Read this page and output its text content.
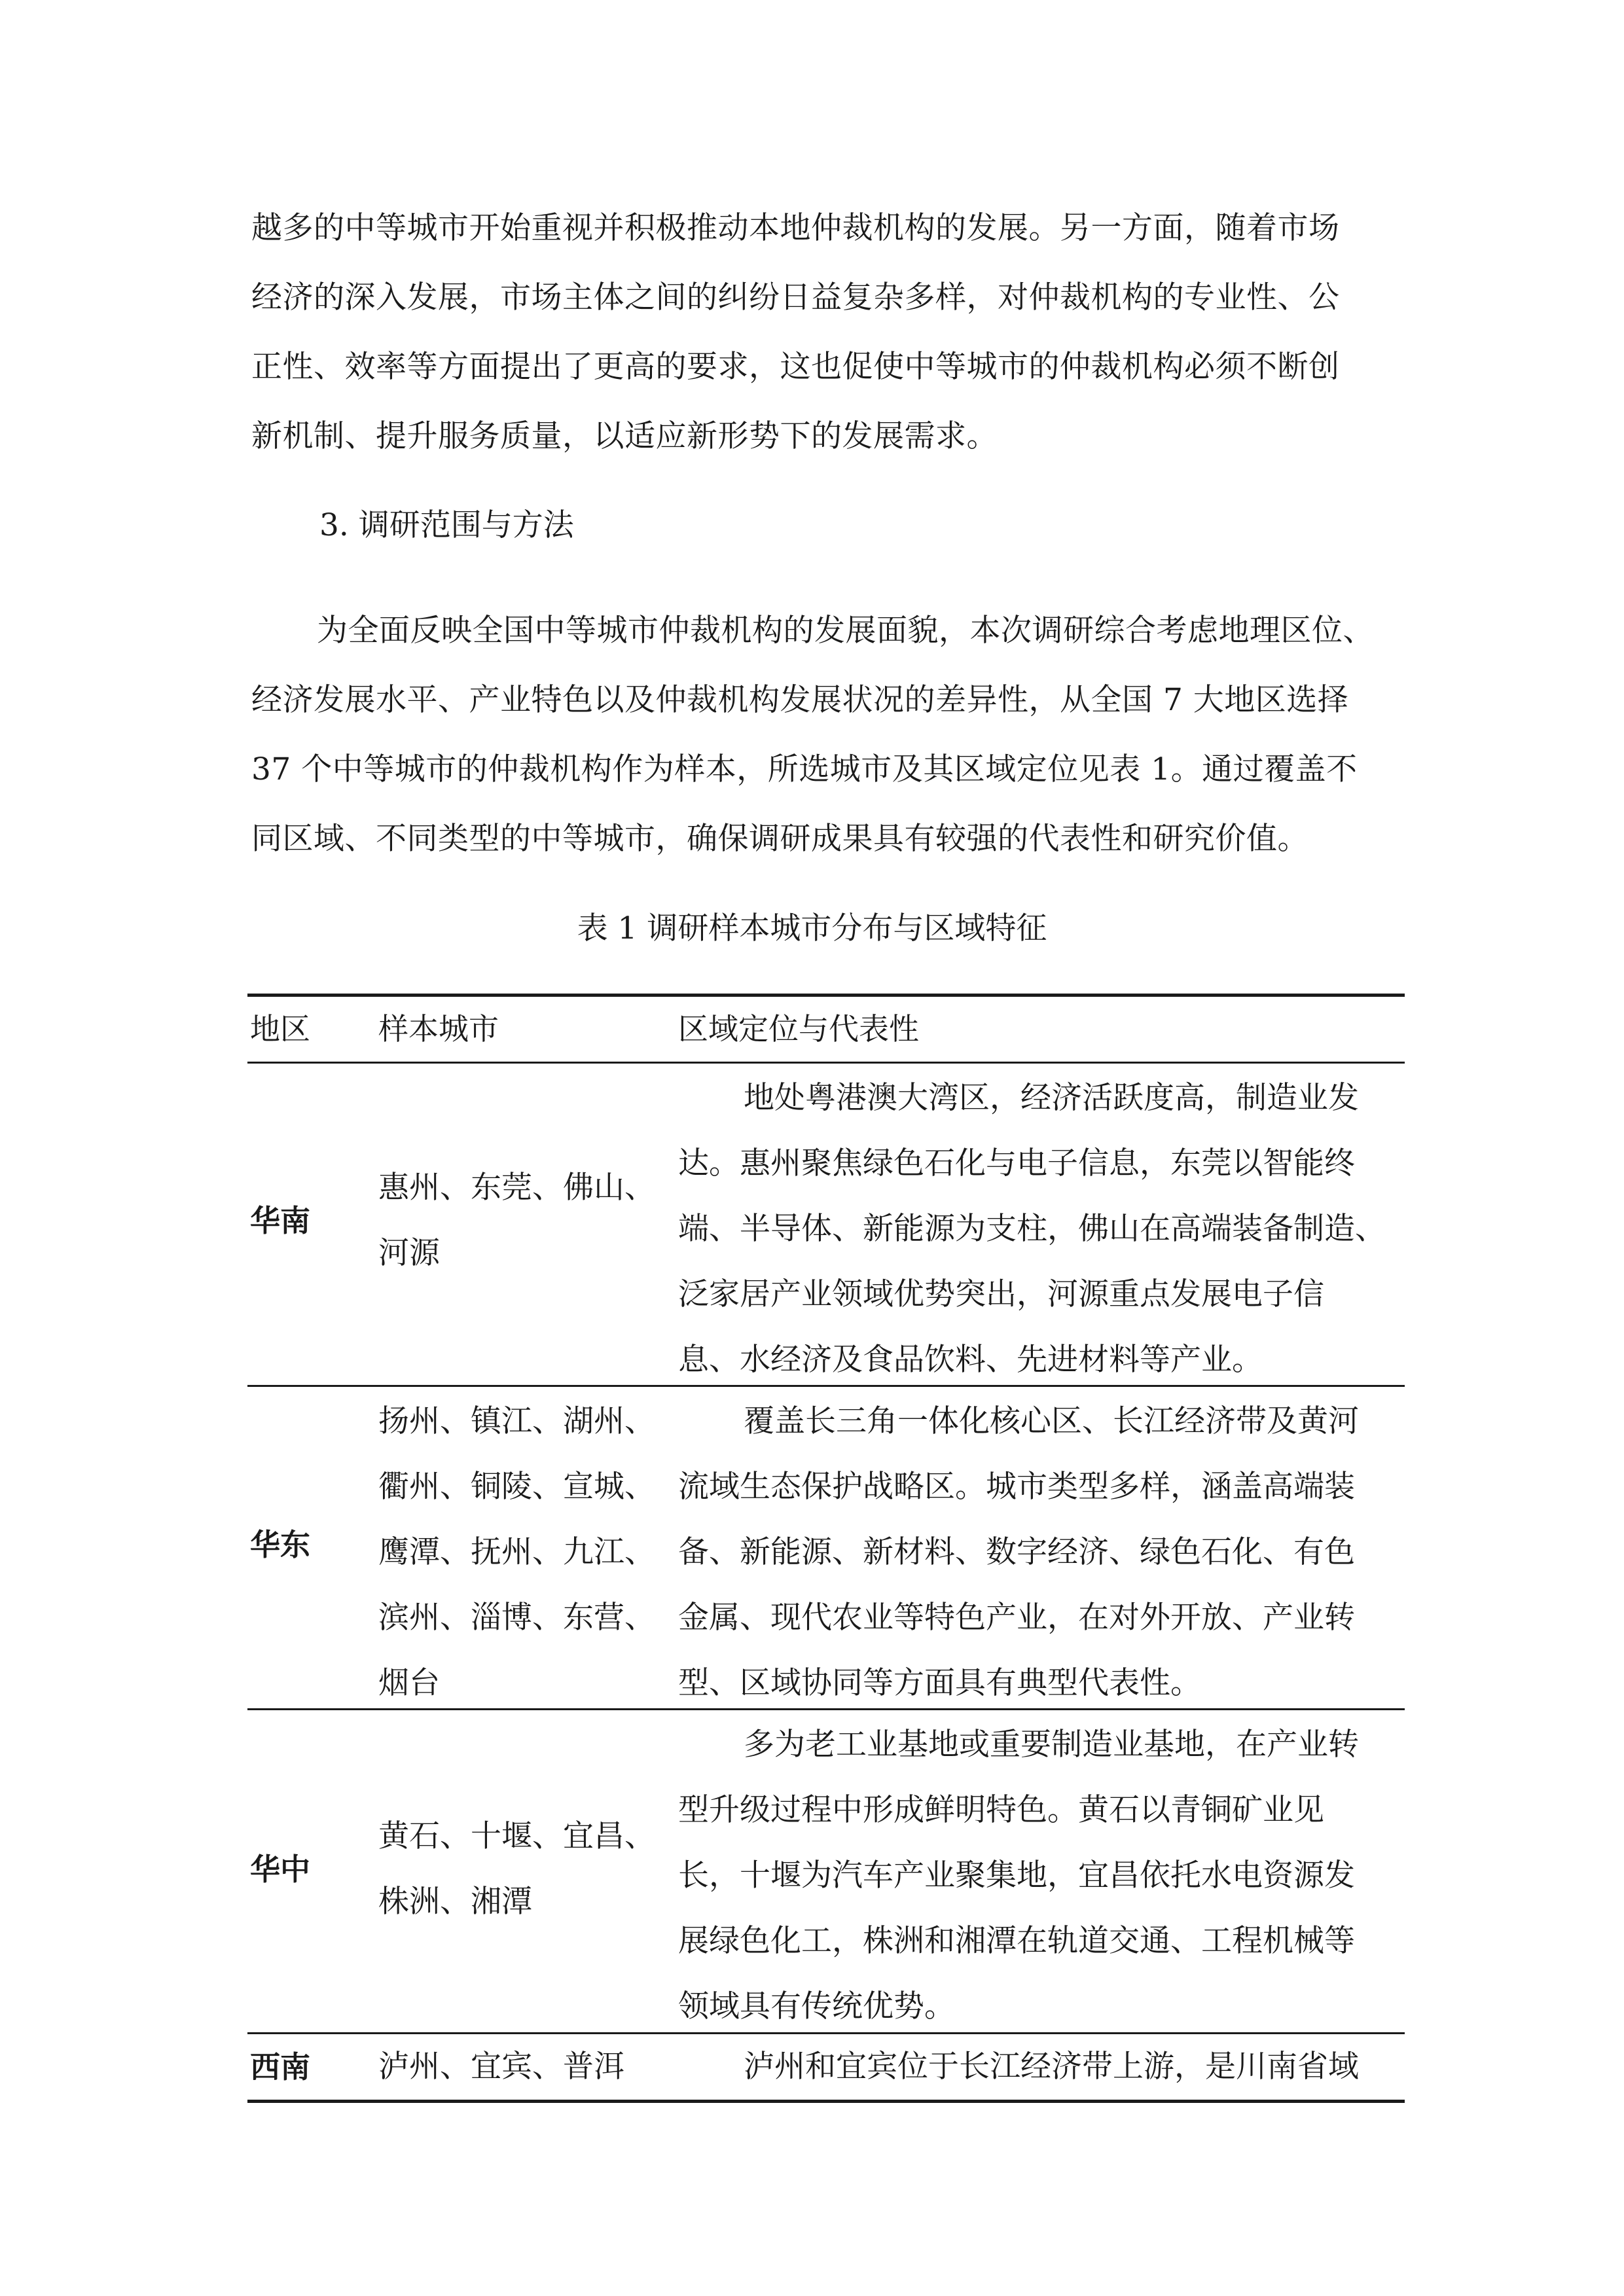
越多的中等城市开始重视并积极推动本地仲裁机构的发展。另一方面，随着市场
经济的深入发展，市场主体之间的纠纷日益复杂多样，对仲裁机构的专业性、公
正性、效率等方面提出了更高的要求，这也促使中等城市的仲裁机构必须不断创
新机制、提升服务质量，以适应新形势下的发展需求。
3. 调研范围与方法
为全面反映全国中等城市仲裁机构的发展面貌，本次调研综合考虑地理区位、
经济发展水平、产业特色以及仲裁机构发展状况的差异性，从全国 7 大地区选择
37 个中等城市的仲裁机构作为样本，所选城市及其区域定位见表 1。通过覆盖不
同区域、不同类型的中等城市，确保调研成果具有较强的代表性和研究价值。
表 1 调研样本城市分布与区域特征
地区 样本城市	区域定位与代表性
华南
惠州、东莞、佛山、
河源
地处粤港澳大湾区，经济活跃度高，制造业发
达。惠州聚焦绿色石化与电子信息，东莞以智能终
端、半导体、新能源为支柱，佛山在高端装备制造、
泛家居产业领域优势突出，河源重点发展电子信
息、水经济及食品饮料、先进材料等产业。
华东
扬州、镇江、湖州、
衢州、铜陵、宣城、
鹰潭、抚州、九江、
滨州、淄博、东营、
烟台
覆盖长三角一体化核心区、长江经济带及黄河
流域生态保护战略区。城市类型多样，涵盖高端装
备、新能源、新材料、数字经济、绿色石化、有色
金属、现代农业等特色产业，在对外开放、产业转
型、区域协同等方面具有典型代表性。
华中
黄石、十堰、宜昌、
株洲、湘潭
多为老工业基地或重要制造业基地，在产业转
型升级过程中形成鲜明特色。黄石以青铜矿业见
长，十堰为汽车产业聚集地，宜昌依托水电资源发
展绿色化工，株洲和湘潭在轨道交通、工程机械等
领域具有传统优势。
西南 泸州、宜宾、普洱	泸州和宜宾位于长江经济带上游，是川南省域
